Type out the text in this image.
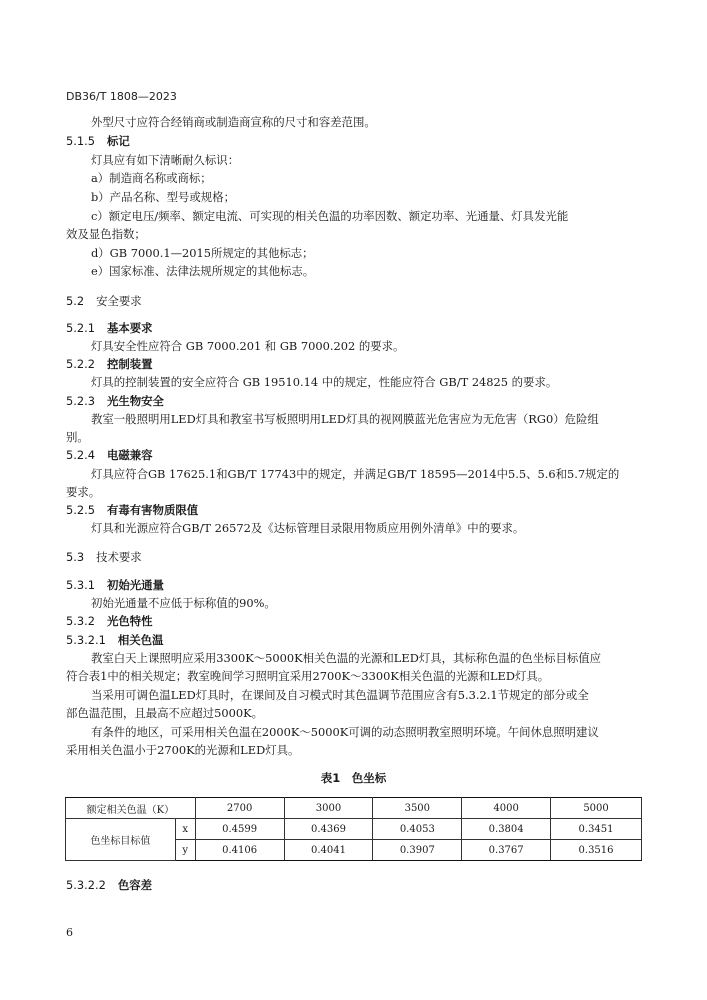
DB36/T 1808—2023
外型尺寸应符合经销商或制造商宣称的尺寸和容差范围。
5.1.5 标记
灯具应有如下清晰耐久标识：
a）制造商名称或商标；
b）产品名称、型号或规格；
c）额定电压/频率、额定电流、可实现的相关色温的功率因数、额定功率、光通量、灯具发光能
效及显色指数；
d）GB 7000.1—2015所规定的其他标志；
e）国家标准、法律法规所规定的其他标志。
5.2 安全要求
5.2.1 基本要求
灯具安全性应符合 GB 7000.201 和 GB 7000.202 的要求。
5.2.2 控制装置
灯具的控制装置的安全应符合 GB 19510.14 中的规定，性能应符合 GB/T 24825 的要求。
5.2.3 光生物安全
教室一般照明用LED灯具和教室书写板照明用LED灯具的视网膜蓝光危害应为无危害（RG0）危险组
别。
5.2.4 电磁兼容
灯具应符合GB 17625.1和GB/T 17743中的规定，并满足GB/T 18595—2014中5.5、5.6和5.7规定的
要求。
5.2.5 有毒有害物质限值
灯具和光源应符合GB/T 26572及《达标管理目录限用物质应用例外清单》中的要求。
5.3 技术要求
5.3.1 初始光通量
初始光通量不应低于标称值的90%。
5.3.2 光色特性
5.3.2.1 相关色温
教室白天上课照明应采用3300K～5000K相关色温的光源和LED灯具，其标称色温的色坐标目标值应
符合表1中的相关规定；教室晚间学习照明宜采用2700K～3300K相关色温的光源和LED灯具。
当采用可调色温LED灯具时，在课间及自习模式时其色温调节范围应含有5.3.2.1节规定的部分或全
部色温范围，且最高不应超过5000K。
有条件的地区，可采用相关色温在2000K～5000K可调的动态照明教室照明环境。午间休息照明建议
采用相关色温小于2700K的光源和LED灯具。
表1　色坐标
额定相关色温（K）		2700	3000	3500	4000	5000
色坐标目标值	x	0.4599	0.4369	0.4053	0.3804	0.3451
	y	0.4106	0.4041	0.3907	0.3767	0.3516
5.3.2.2 色容差
6
